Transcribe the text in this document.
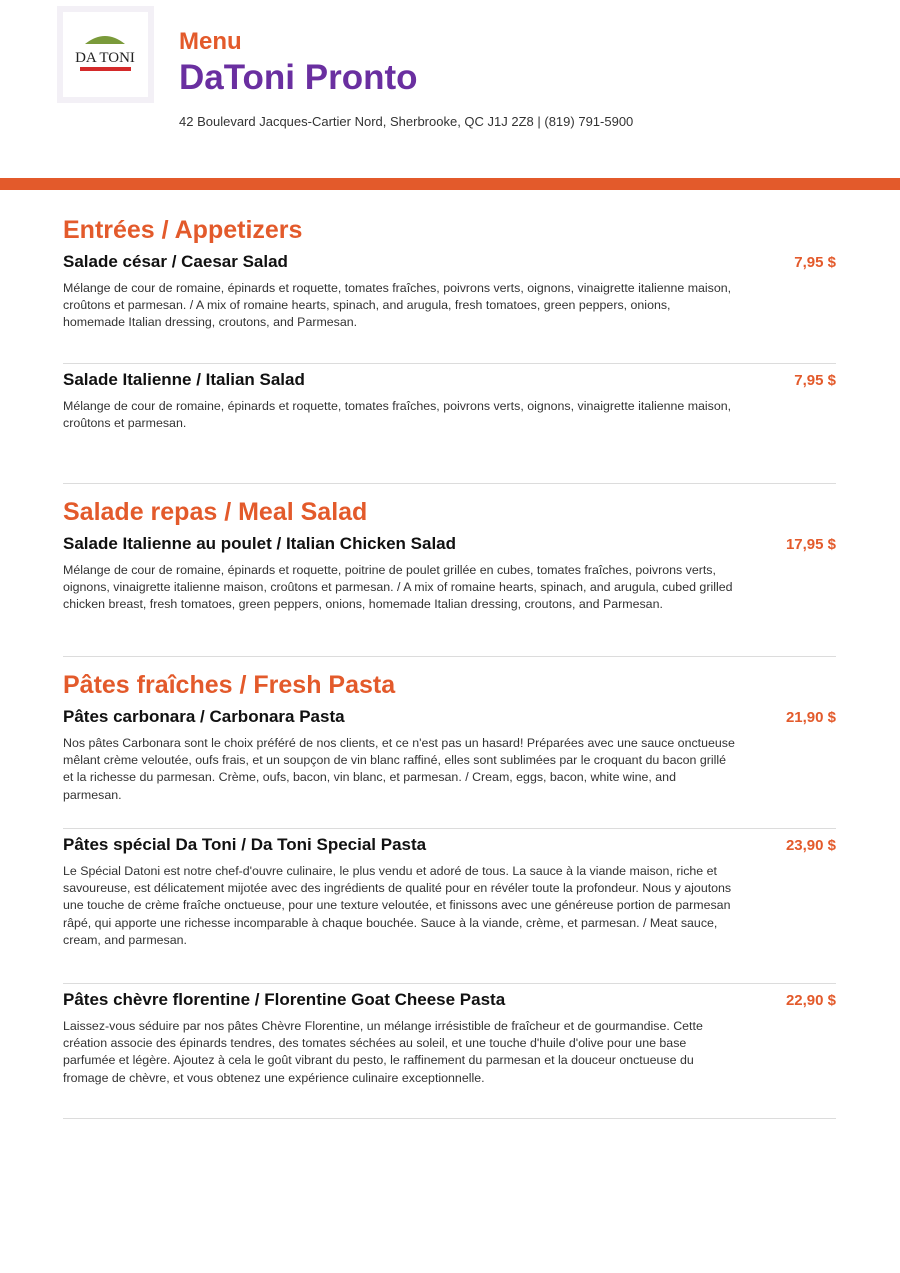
DA TONI
Menu
DaToni Pronto
42 Boulevard Jacques-Cartier Nord, Sherbrooke, QC J1J 2Z8 | (819) 791-5900
Entrées / Appetizers
Salade césar / Caesar Salad	7,95 $
Mélange de cour de romaine, épinards et roquette, tomates fraîches, poivrons verts, oignons, vinaigrette italienne maison, croûtons et parmesan. / A mix of romaine hearts, spinach, and arugula, fresh tomatoes, green peppers, onions, homemade Italian dressing, croutons, and Parmesan.
Salade Italienne / Italian Salad	7,95 $
Mélange de cour de romaine, épinards et roquette, tomates fraîches, poivrons verts, oignons, vinaigrette italienne maison, croûtons et parmesan.
Salade repas / Meal Salad
Salade Italienne au poulet / Italian Chicken Salad	17,95 $
Mélange de cour de romaine, épinards et roquette, poitrine de poulet grillée en cubes, tomates fraîches, poivrons verts, oignons, vinaigrette italienne maison, croûtons et parmesan. / A mix of romaine hearts, spinach, and arugula, cubed grilled chicken breast, fresh tomatoes, green peppers, onions, homemade Italian dressing, croutons, and Parmesan.
Pâtes fraîches / Fresh Pasta
Pâtes carbonara / Carbonara Pasta	21,90 $
Nos pâtes Carbonara sont le choix préféré de nos clients, et ce n'est pas un hasard! Préparées avec une sauce onctueuse mêlant crème veloutée, oufs frais, et un soupçon de vin blanc raffiné, elles sont sublimées par le croquant du bacon grillé et la richesse du parmesan. Crème, oufs, bacon, vin blanc, et parmesan. / Cream, eggs, bacon, white wine, and parmesan.
Pâtes spécial Da Toni / Da Toni Special Pasta	23,90 $
Le Spécial Datoni est notre chef-d'ouvre culinaire, le plus vendu et adoré de tous. La sauce à la viande maison, riche et savoureuse, est délicatement mijotée avec des ingrédients de qualité pour en révéler toute la profondeur. Nous y ajoutons une touche de crème fraîche onctueuse, pour une texture veloutée, et finissons avec une généreuse portion de parmesan râpé, qui apporte une richesse incomparable à chaque bouchée. Sauce à la viande, crème, et parmesan. / Meat sauce, cream, and parmesan.
Pâtes chèvre florentine / Florentine Goat Cheese Pasta	22,90 $
Laissez-vous séduire par nos pâtes Chèvre Florentine, un mélange irrésistible de fraîcheur et de gourmandise. Cette création associe des épinards tendres, des tomates séchées au soleil, et une touche d'huile d'olive pour une base parfumée et légère. Ajoutez à cela le goût vibrant du pesto, le raffinement du parmesan et la douceur onctueuse du fromage de chèvre, et vous obtenez une expérience culinaire exceptionnelle.
